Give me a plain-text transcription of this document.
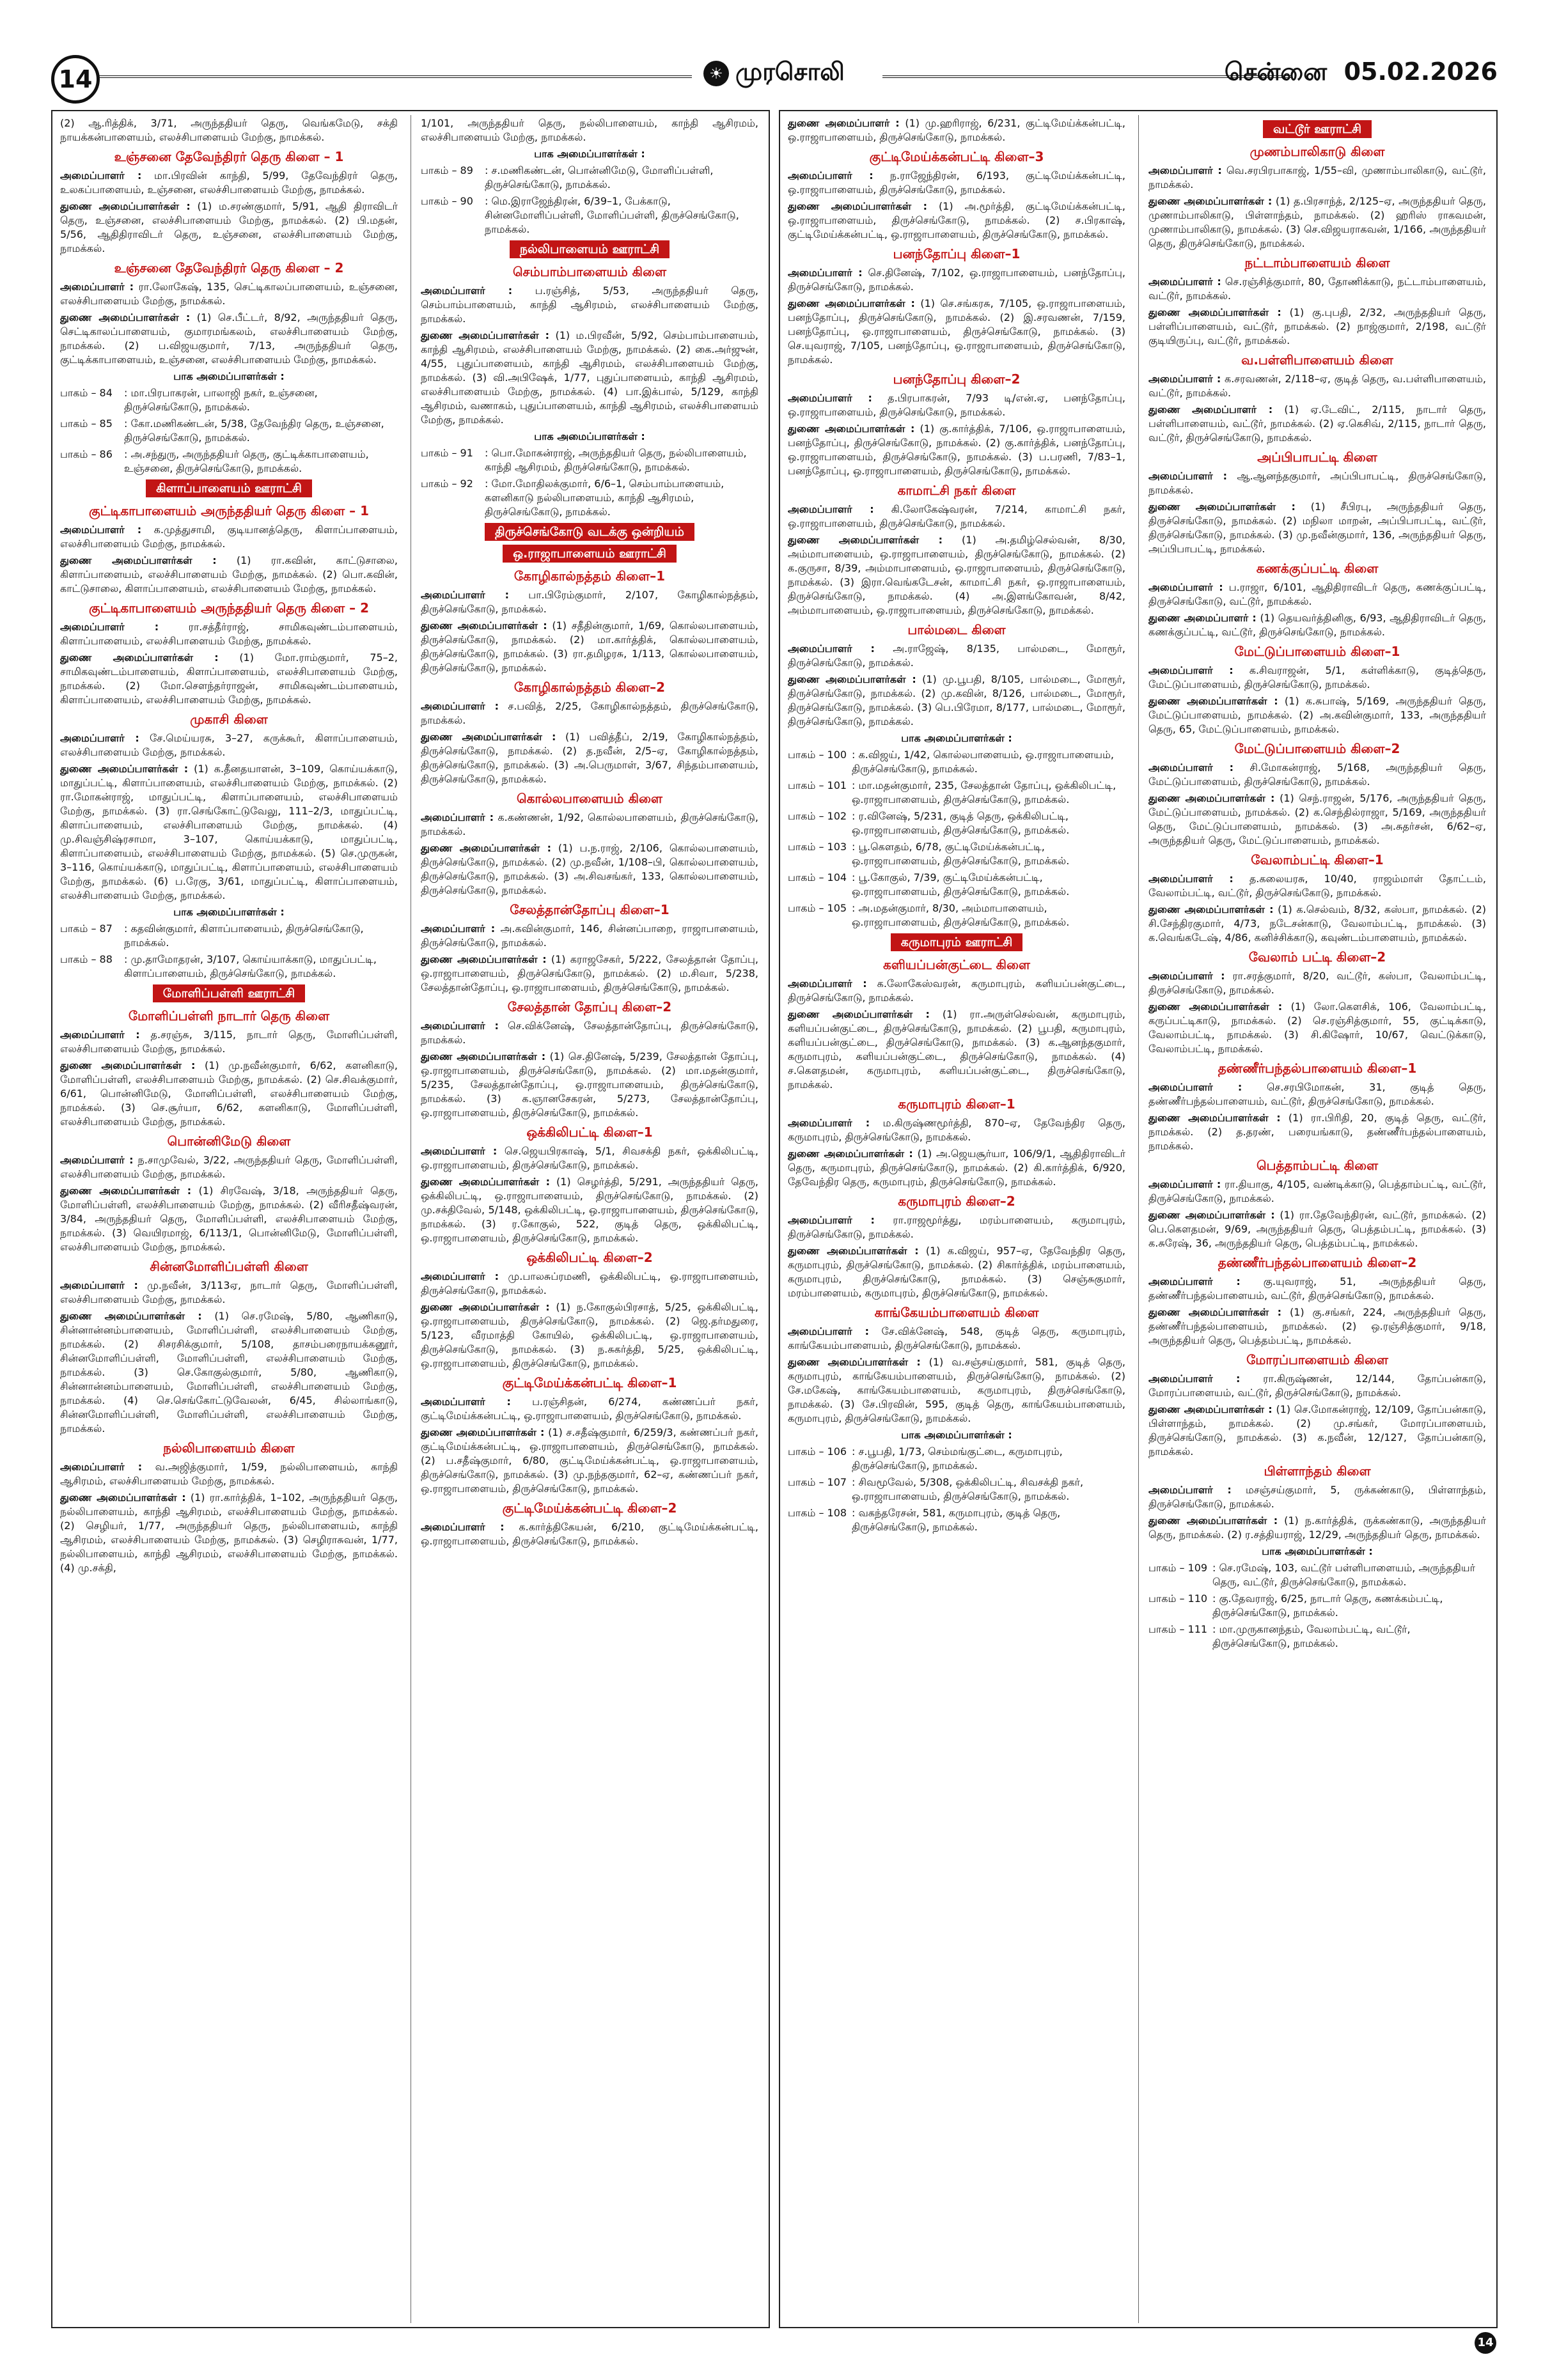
14	☀ முரசொலி	சென்னை 05.02.2026
(2) ஆ.ரித்திக், 3/71, அருந்ததியர் தெரு, வெங்கமேடு, சக்தி நாயக்கன்பாளையம், எலச்சிபாளையம் மேற்கு, நாமக்கல்.
உஞ்சனை தேவேந்திரர் தெரு கிளை – 1
அமைப்பாளர் : மா.பிரவின் காந்தி, 5/99, தேவேந்திரர் தெரு, உலகப்பாளையம், உஞ்சனை, எலச்சிபாளையம் மேற்கு, நாமக்கல்.
துணை அமைப்பாளர்கள் : (1) ம.சரண்குமார், 5/91, ஆதி திராவிடர் தெரு, உஞ்சனை, எலச்சிபாளையம் மேற்கு, நாமக்கல். (2) பி.மதன், 5/56, ஆதிதிராவிடர் தெரு, உஞ்சனை, எலச்சிபாளையம் மேற்கு, நாமக்கல்.
உஞ்சனை தேவேந்திரர் தெரு கிளை – 2
அமைப்பாளர் : ரா.லோகேஷ், 135, செட்டிகாலப்பாளையம், உஞ்சனை, எலச்சிபாளையம் மேற்கு, நாமக்கல்.
துணை அமைப்பாளர்கள் : (1) செ.பீட்டர், 8/92, அருந்ததியர் தெரு, செட்டிகாலப்பாளையம், குமாரமங்கலம், எலச்சிபாளையம் மேற்கு, நாமக்கல். (2) ப.விஜயகுமார், 7/13, அருந்ததியர் தெரு, குட்டிக்காபாளையம், உஞ்சனை, எலச்சிபாளையம் மேற்கு, நாமக்கல்.
பாக அமைப்பாளர்கள் :
பாகம் – 84	: மா.பிரபாகரன், பாலாஜி நகர், உஞ்சனை, திருச்செங்கோடு, நாமக்கல்.
பாகம் – 85	: கோ.மணிகண்டன், 5/38, தேவேந்திர தெரு, உஞ்சனை, திருச்செங்கோடு, நாமக்கல்.
பாகம் – 86	: அ.சந்துரு, அருந்ததியர் தெரு, குட்டிக்காபாளையம், உஞ்சனை, திருச்செங்கோடு, நாமக்கல்.
கிளாப்பாளையம் ஊராட்சி
குட்டிகாபாளையம் அருந்ததியர் தெரு கிளை – 1
அமைப்பாளர் : க.முத்துசாமி, குடியானத்தெரு, கிளாப்பாளையம், எலச்சிபாளையம் மேற்கு, நாமக்கல்.
துணை அமைப்பாளர்கள் : (1) ரா.கவின், காட்டுசாலை, கிளாப்பாளையம், எலச்சிபாளையம் மேற்கு, நாமக்கல். (2) பொ.கவின், காட்டுசாலை, கிளாப்பாளையம், எலச்சிபாளையம் மேற்கு, நாமக்கல்.
குட்டிகாபாளையம் அருந்ததியர் தெரு கிளை – 2
அமைப்பாளர் :	ரா.சத்தீர்ராஜ், சாமிகவுண்டம்பாளையம், கிளாப்பாளையம், எலச்சிபாளையம் மேற்கு, நாமக்கல்.
துணை அமைப்பாளர்கள் : (1) மோ.ராம்குமார், 75–2, சாமிகவுண்டம்பாளையம், கிளாப்பாளையம், எலச்சிபாளையம் மேற்கு, நாமக்கல். (2) மோ.செளந்தர்ராஜன், சாமிகவுண்டம்பாளையம், கிளாப்பாளையம், எலச்சிபாளையம் மேற்கு, நாமக்கல்.
முகாசி கிளை
அமைப்பாளர் : சே.மெய்யரசு, 3–27, கருக்கூர், கிளாப்பாளையம், எலச்சிபாளையம் மேற்கு, நாமக்கல்.
துணை அமைப்பாளர்கள் : (1) க.தீனதயாளன், 3–109, கொய்யக்காடு, மாதுப்பட்டி, கிளாப்பாளையம், எலச்சிபாளையம் மேற்கு, நாமக்கல். (2) ரா.மோகன்ராஜ், மாதுப்பட்டி, கிளாப்பாளையம், எலச்சிபாளையம் மேற்கு, நாமக்கல். (3) ரா.செங்கோட்டுவேலு, 111–2/3, மாதுப்பட்டி, கிளாப்பாளையம், எலச்சிபாளையம் மேற்கு, நாமக்கல். (4) மு.சிவஞ்சிஷ்ரசாமா, 3–107, கொய்யக்காடு, மாதுப்பட்டி, கிளாப்பாளையம், எலச்சிபாளையம் மேற்கு, நாமக்கல். (5) செ.முருகன், 3–116, கொய்யக்காடு, மாதுப்பட்டி, கிளாப்பாளையம், எலச்சிபாளையம் மேற்கு, நாமக்கல். (6) ப.ரேகு, 3/61, மாதுப்பட்டி, கிளாப்பாளையம், எலச்சிபாளையம் மேற்கு, நாமக்கல்.
பாக அமைப்பாளர்கள் :
பாகம் – 87	: கதவின்குமார், கிளாப்பாளையம், திருச்செங்கோடு, நாமக்கல்.
பாகம் – 88	: மு.தாமோதரன், 3/107, கொய்யாக்காடு, மாதுப்பட்டி, கிளாப்பாளையம், திருச்செங்கோடு, நாமக்கல்.
மோளிப்பள்ளி ஊராட்சி
மோளிப்பள்ளி நாடார் தெரு கிளை
அமைப்பாளர் : த.சரஞ்சு, 3/115, நாடார் தெரு, மோளிப்பள்ளி, எலச்சிபாளையம் மேற்கு, நாமக்கல்.
துணை அமைப்பாளர்கள் : (1) மு.நவீன்குமார், 6/62, களனிகாடு, மோளிப்பள்ளி, எலச்சிபாளையம் மேற்கு, நாமக்கல். (2) செ.சிவக்குமார், 6/61, பொன்னிமேடு, மோளிப்பள்ளி, எலச்சிபாளையம் மேற்கு, நாமக்கல். (3) செ.சூர்யா, 6/62, களனிகாடு, மோளிப்பள்ளி, எலச்சிபாளையம் மேற்கு, நாமக்கல்.
பொன்னிமேடு கிளை
அமைப்பாளர் : ந.சாமுவேல், 3/22, அருந்ததியர் தெரு, மோளிப்பள்ளி, எலச்சிபாளையம் மேற்கு, நாமக்கல்.
துணை அமைப்பாளர்கள் : (1) சிரவேஷ், 3/18, அருந்ததியர் தெரு, மோளிப்பள்ளி, எலச்சிபாளையம் மேற்கு, நாமக்கல். (2) வீரிசதீஷ்வரன், 3/84, அருந்ததியர் தெரு, மோளிப்பள்ளி, எலச்சிபாளையம் மேற்கு, நாமக்கல். (3) வெயிரமாஜ், 6/113/1, பொன்னிமேடு, மோளிப்பள்ளி, எலச்சிபாளையம் மேற்கு, நாமக்கல்.
சின்னமோளிப்பள்ளி கிளை
அமைப்பாளர் : மு.நவீன், 3/113ஏ, நாடார் தெரு, மோளிப்பள்ளி, எலச்சிபாளையம் மேற்கு, நாமக்கல்.
துணை அமைப்பாளர்கள் : (1) செ.ரமேஷ், 5/80, ஆணிகாடு, சின்னான்னம்பாளையம், மோளிப்பள்ளி, எலச்சிபாளையம் மேற்கு, நாமக்கல். (2) சிசரசிக்குமார், 5/108, தாசம்பரைநாயக்கனூர், சின்னமோளிப்பள்ளி, மோளிப்பள்ளி, எலச்சிபாளையம் மேற்கு, நாமக்கல். (3) செ.கோகுல்குமார், 5/80, ஆணிகாடு, சின்னான்னம்பாளையம், மோளிப்பள்ளி, எலச்சிபாளையம் மேற்கு, நாமக்கல். (4) செ.செங்கோட்டுவேலன், 6/45, சில்லாங்காடு, சின்னமோளிப்பள்ளி, மோளிப்பள்ளி, எலச்சிபாளையம் மேற்கு, நாமக்கல்.
நல்லிபாளையம் கிளை
அமைப்பாளர் : வ.அஜித்குமார், 1/59, நல்லிபாளையம், காந்தி ஆசிரமம், எலச்சிபாளையம் மேற்கு, நாமக்கல்.
துணை அமைப்பாளர்கள் : (1) ரா.கார்த்திக், 1–102, அருந்ததியர் தெரு, நல்லிபாளையம், காந்தி ஆசிரமம், எலச்சிபாளையம் மேற்கு, நாமக்கல். (2) செழியர், 1/77, அருந்ததியர் தெரு, நல்லிபாளையம், காந்தி ஆசிரமம், எலச்சிபாளையம் மேற்கு, நாமக்கல். (3) செழிராசுவன், 1/77, நல்லிபாளையம், காந்தி ஆசிரமம், எலச்சிபாளையம் மேற்கு, நாமக்கல். (4) மு.சக்தி,
1/101, அருந்ததியர் தெரு, நல்லிபாளையம், காந்தி ஆசிரமம், எலச்சிபாளையம் மேற்கு, நாமக்கல்.
பாக அமைப்பாளர்கள் :
பாகம் – 89	: ச.மணிகண்டன், பொன்னிமேடு, மோளிப்பள்ளி, திருச்செங்கோடு, நாமக்கல்.
பாகம் – 90	: மெ.இராஜேந்திரன், 6/39–1, பேக்காடு, சின்னமோளிப்பள்ளி, மோளிப்பள்ளி, திருச்செங்கோடு, நாமக்கல்.
நல்லிபாளையம் ஊராட்சி
செம்பாம்பாளையம் கிளை
அமைப்பாளர் : ப.ரஞ்சித், 5/53, அருந்ததியர் தெரு, செம்பாம்பாளையம், காந்தி ஆசிரமம், எலச்சிபாளையம் மேற்கு, நாமக்கல்.
துணை அமைப்பாளர்கள் : (1) ம.பிரவீன், 5/92, செம்பாம்பாளையம், காந்தி ஆசிரமம், எலச்சிபாளையம் மேற்கு, நாமக்கல். (2) கை.அர்ஜுன், 4/55, புதுப்பாளையம், காந்தி ஆசிரமம், எலச்சிபாளையம் மேற்கு, நாமக்கல். (3) வி.அபிஷேக், 1/77, புதுப்பாளையம், காந்தி ஆசிரமம், எலச்சிபாளையம் மேற்கு, நாமக்கல். (4) பா.இக்பால், 5/129, காந்தி ஆசிரமம், வணாகம், புதுப்பாளையம், காந்தி ஆசிரமம், எலச்சிபாளையம் மேற்கு, நாமக்கல்.
பாக அமைப்பாளர்கள் :
பாகம் – 91	: பொ.மோகன்ராஜ், அருந்ததியர் தெரு, நல்லிபாளையம், காந்தி ஆசிரமம், திருச்செங்கோடு, நாமக்கல்.
பாகம் – 92	: மோ.மோதிலக்குமார், 6/6–1, செம்பாம்பாளையம், களனிகாடு நல்லிபாளையம், காந்தி ஆசிரமம், திருச்செங்கோடு, நாமக்கல்.
திருச்செங்கோடு வடக்கு ஒன்றியம்
ஒ.ராஜாபாளையம் ஊராட்சி
கோழிகால்நத்தம் கிளை–1
அமைப்பாளர் : பா.பிரேம்குமார், 2/107, கோழிகால்நத்தம், திருச்செங்கோடு, நாமக்கல்.
துணை அமைப்பாளர்கள் : (1) சதீதின்குமார், 1/69, கொல்லபாளையம், திருச்செங்கோடு, நாமக்கல். (2) மா.கார்த்திக், கொல்லபாளையம், திருச்செங்கோடு, நாமக்கல். (3) ரா.தமிழரசு, 1/113, கொல்லபாளையம், திருச்செங்கோடு, நாமக்கல்.
கோழிகால்நத்தம் கிளை–2
அமைப்பாளர் : ச.பவித், 2/25, கோழிகால்நத்தம், திருச்செங்கோடு, நாமக்கல்.
துணை அமைப்பாளர்கள் : (1) பவித்தீப், 2/19, கோழிகால்நத்தம், திருச்செங்கோடு, நாமக்கல். (2) த.நவீன், 2/5–ஏ, கோழிகால்நத்தம், திருச்செங்கோடு, நாமக்கல். (3) அ.பெருமாள், 3/67, சிந்தம்பாளையம், திருச்செங்கோடு, நாமக்கல்.
கொல்லபாளையம் கிளை
அமைப்பாளர் : க.கண்ணன், 1/92, கொல்லபாளையம், திருச்செங்கோடு, நாமக்கல்.
துணை அமைப்பாளர்கள் : (1) ப.ந.ராஜ், 2/106, கொல்லபாளையம், திருச்செங்கோடு, நாமக்கல். (2) மு.நவீன், 1/108–பி, கொல்லபாளையம், திருச்செங்கோடு, நாமக்கல். (3) அ.சிவசங்கர், 133, கொல்லபாளையம், திருச்செங்கோடு, நாமக்கல்.
சேலத்தான்தோப்பு கிளை–1
அமைப்பாளர் : அ.கவின்குமார், 146, சின்னப்பாறை, ராஜாபாளையம், திருச்செங்கோடு, நாமக்கல்.
துணை அமைப்பாளர்கள் : (1) கராஜசேகர், 5/222, சேலத்தான் தோப்பு, ஒ.ராஜாபாளையம், திருச்செங்கோடு, நாமக்கல். (2) ம.சிவா, 5/238, சேலத்தான்தோப்பு, ஒ.ராஜாபாளையம், திருச்செங்கோடு, நாமக்கல்.
சேலத்தான் தோப்பு கிளை–2
அமைப்பாளர் : செ.விக்னேஷ், சேலத்தான்தோப்பு, திருச்செங்கோடு, நாமக்கல்.
துணை அமைப்பாளர்கள் : (1) செ.தினேஷ், 5/239, சேலத்தான் தோப்பு, ஒ.ராஜாபாளையம், திருச்செங்கோடு, நாமக்கல். (2) மா.மதன்குமார், 5/235, சேலத்தான்தோப்பு, ஒ.ராஜாபாளையம், திருச்செங்கோடு, நாமக்கல். (3) க.ஞானசேகரன், 5/273, சேலத்தான்தோப்பு, ஒ.ராஜாபாளையம், திருச்செங்கோடு, நாமக்கல்.
ஒக்கிலிபட்டி கிளை–1
அமைப்பாளர் : செ.ஜெயபிரகாஷ், 5/1, சிவசக்தி நகர், ஒக்கிலிபட்டி, ஒ.ராஜாபாளையம், திருச்செங்கோடு, நாமக்கல்.
துணை அமைப்பாளர்கள் : (1) செழர்த்தி, 5/291, அருந்ததியர் தெரு, ஒக்கிலிபட்டி, ஒ.ராஜாபாளையம், திருச்செங்கோடு, நாமக்கல். (2) மு.சக்திவேல், 5/148, ஒக்கிலிபட்டி, ஒ.ராஜாபாளையம், திருச்செங்கோடு, நாமக்கல். (3) ர.கோகுல், 522, குடித் தெரு, ஒக்கிலிபட்டி, ஒ.ராஜாபாளையம், திருச்செங்கோடு, நாமக்கல்.
ஒக்கிலிபட்டி கிளை–2
அமைப்பாளர் : மு.பாலசுப்ரமணி, ஒக்கிலிபட்டி, ஒ.ராஜாபாளையம், திருச்செங்கோடு, நாமக்கல்.
துணை அமைப்பாளர்கள் : (1) ந.கோகுல்பிரசாத், 5/25, ஒக்கிலிபட்டி, ஒ.ராஜாபாளையம், திருச்செங்கோடு, நாமக்கல். (2) ஜெ.தர்மதுரை, 5/123, வீரமாத்தி கோயில், ஒக்கிலிபட்டி, ஒ.ராஜாபாளையம், திருச்செங்கோடு, நாமக்கல். (3) ந.சுகர்த்தி, 5/25, ஒக்கிலிபட்டி, ஒ.ராஜாபாளையம், திருச்செங்கோடு, நாமக்கல்.
குட்டிமேய்க்கன்பட்டி கிளை–1
அமைப்பாளர் : ப.ரஞ்சிதன், 6/274, கண்ணப்பர் நகர், குட்டிமேய்க்கன்பட்டி, ஒ.ராஜாபாளையம், திருச்செங்கோடு, நாமக்கல்.
துணை அமைப்பாளர்கள் : (1) ச.சதீஷ்குமார், 6/259/3, கண்ணப்பர் நகர், குட்டிமேய்க்கன்பட்டி, ஒ.ராஜாபாளையம், திருச்செங்கோடு, நாமக்கல். (2) ப.சதீஷ்குமார், 6/80, குட்டிமேய்க்கன்பட்டி, ஒ.ராஜாபாளையம், திருச்செங்கோடு, நாமக்கல். (3) மு.நந்தகுமார், 62–ஏ, கண்ணப்பர் நகர், ஒ.ராஜாபாளையம், திருச்செங்கோடு, நாமக்கல்.
குட்டிமேய்க்கன்பட்டி கிளை–2
அமைப்பாளர் : க.கார்த்திகேயன், 6/210, குட்டிமேய்க்கன்பட்டி, ஒ.ராஜாபாளையம், திருச்செங்கோடு, நாமக்கல்.
துணை அமைப்பாளர் : (1) மு.ஹரிராஜ், 6/231, குட்டிமேய்க்கன்பட்டி, ஒ.ராஜாபாளையம், திருச்செங்கோடு, நாமக்கல்.
குட்டிமேய்க்கன்பட்டி கிளை–3
அமைப்பாளர் : ந.ராஜேந்திரன், 6/193, குட்டிமேய்க்கன்பட்டி, ஒ.ராஜாபாளையம், திருச்செங்கோடு, நாமக்கல்.
துணை அமைப்பாளர்கள் : (1) அ.மூர்த்தி, குட்டிமேய்க்கன்பட்டி, ஒ.ராஜாபாளையம், திருச்செங்கோடு, நாமக்கல். (2) ச.பிரகாஷ், குட்டிமேய்க்கன்பட்டி, ஒ.ராஜாபாளையம், திருச்செங்கோடு, நாமக்கல்.
பனந்தோப்பு கிளை–1
அமைப்பாளர் : செ.தினேஷ், 7/102, ஒ.ராஜாபாளையம், பனந்தோப்பு, திருச்செங்கோடு, நாமக்கல்.
துணை அமைப்பாளர்கள் : (1) செ.சங்கரசு, 7/105, ஒ.ராஜாபாளையம், பனந்தோப்பு, திருச்செங்கோடு, நாமக்கல். (2) இ.சரவணன், 7/159, பனந்தோப்பு, ஒ.ராஜாபாளையம், திருச்செங்கோடு, நாமக்கல். (3) செ.யுவராஜ், 7/105, பனந்தோப்பு, ஒ.ராஜாபாளையம், திருச்செங்கோடு, நாமக்கல்.
பனந்தோப்பு கிளை–2
அமைப்பாளர் : த.பிரபாகரன், 7/93 டி/என்.ஏ, பனந்தோப்பு, ஒ.ராஜாபாளையம், திருச்செங்கோடு, நாமக்கல்.
துணை அமைப்பாளர்கள் : (1) கு.கார்த்திக், 7/106, ஒ.ராஜாபாளையம், பனந்தோப்பு, திருச்செங்கோடு, நாமக்கல். (2) கு.கார்த்திக், பனந்தோப்பு, ஒ.ராஜாபாளையம், திருச்செங்கோடு, நாமக்கல். (3) ப.பரணி, 7/83–1, பனந்தோப்பு, ஒ.ராஜாபாளையம், திருச்செங்கோடு, நாமக்கல்.
காமாட்சி நகர் கிளை
அமைப்பாளர் : கி.லோகேஷ்வரன், 7/214, காமாட்சி நகர், ஒ.ராஜாபாளையம், திருச்செங்கோடு, நாமக்கல்.
துணை அமைப்பாளர்கள் : (1) அ.தமிழ்செல்வன், 8/30, அம்மாபாளையம், ஒ.ராஜாபாளையம், திருச்செங்கோடு, நாமக்கல். (2) க.குருசா, 8/39, அம்மாபாளையம், ஒ.ராஜாபாளையம், திருச்செங்கோடு, நாமக்கல். (3) இரா.வெங்கடேசன், காமாட்சி நகர், ஒ.ராஜாபாளையம், திருச்செங்கோடு, நாமக்கல். (4) அ.இளங்கோவன், 8/42, அம்மாபாளையம், ஒ.ராஜாபாளையம், திருச்செங்கோடு, நாமக்கல்.
பால்மடை கிளை
அமைப்பாளர் : அ.ராஜேஷ், 8/135, பால்மடை, மோரூர், திருச்செங்கோடு, நாமக்கல்.
துணை அமைப்பாளர்கள் : (1) மு.பூபதி, 8/105, பால்மடை, மோரூர், திருச்செங்கோடு, நாமக்கல். (2) மு.கவின், 8/126, பால்மடை, மோரூர், திருச்செங்கோடு, நாமக்கல். (3) பெ.பிரேமா, 8/177, பால்மடை, மோரூர், திருச்செங்கோடு, நாமக்கல்.
பாக அமைப்பாளர்கள் :
பாகம் – 100 : க.விஜய், 1/42, கொல்லபாளையம், ஒ.ராஜாபாளையம், திருச்செங்கோடு, நாமக்கல்.
பாகம் – 101 : மா.மதன்குமார், 235, சேலத்தான் தோப்பு, ஒக்கிலிபட்டி, ஒ.ராஜாபாளையம், திருச்செங்கோடு, நாமக்கல்.
பாகம் – 102 : ர.வினேஷ், 5/231, குடித் தெரு, ஒக்கிலிபட்டி, ஒ.ராஜாபாளையம், திருச்செங்கோடு, நாமக்கல்.
பாகம் – 103 : பூ.கௌதம், 6/78, குட்டிமேய்க்கன்பட்டி, ஒ.ராஜாபாளையம், திருச்செங்கோடு, நாமக்கல்.
பாகம் – 104 : பூ.கோகுல், 7/39, குட்டிமேய்க்கன்பட்டி, ஒ.ராஜாபாளையம், திருச்செங்கோடு, நாமக்கல்.
பாகம் – 105 : அ.மதன்குமார், 8/30, அம்மாபாளையம், ஒ.ராஜாபாளையம், திருச்செங்கோடு, நாமக்கல்.
கருமாபுரம் ஊராட்சி
களியப்பன்குட்டை கிளை
அமைப்பாளர் : க.லோகேஸ்வரன், கருமாபுரம், களியப்பன்குட்டை, திருச்செங்கோடு, நாமக்கல்.
துணை அமைப்பாளர்கள் : (1) ரா.அருள்செல்வன், கருமாபுரம், களியப்பன்குட்டை, திருச்செங்கோடு, நாமக்கல். (2) பூபதி, கருமாபுரம், களியப்பன்குட்டை, திருச்செங்கோடு, நாமக்கல். (3) க.ஆனந்தகுமார், கருமாபுரம், களியப்பன்குட்டை, திருச்செங்கோடு, நாமக்கல். (4) ச.கௌதமன், கருமாபுரம், களியப்பன்குட்டை, திருச்செங்கோடு, நாமக்கல்.
கருமாபுரம் கிளை–1
அமைப்பாளர் : ம.கிருஷ்ணமூர்த்தி, 870–ஏ, தேவேந்திர தெரு, கருமாபுரம், திருச்செங்கோடு, நாமக்கல்.
துணை அமைப்பாளர்கள் : (1) அ.ஜெயசூர்யா, 106/9/1, ஆதிதிராவிடர் தெரு, கருமாபுரம், திருச்செங்கோடு, நாமக்கல். (2) கி.கார்த்திக், 6/920, தேவேந்திர தெரு, கருமாபுரம், திருச்செங்கோடு, நாமக்கல்.
கருமாபுரம் கிளை–2
அமைப்பாளர் : ரா.ராஜமூர்த்து, மரம்பாளையம், கருமாபுரம், திருச்செங்கோடு, நாமக்கல்.
துணை அமைப்பாளர்கள் : (1) க.விஜய், 957–ஏ, தேவேந்திர தெரு, கருமாபுரம், திருச்செங்கோடு, நாமக்கல். (2) சிகார்த்திக், மரம்பாளையம், கருமாபுரம், திருச்செங்கோடு, நாமக்கல். (3) செஞ்சுகுமார், மரம்பாளையம், கருமாபுரம், திருச்செங்கோடு, நாமக்கல்.
காங்கேயம்பாளையம் கிளை
அமைப்பாளர் : சே.விக்னேஷ், 548, குடித் தெரு, கருமாபுரம், காங்கேயம்பாளையம், திருச்செங்கோடு, நாமக்கல்.
துணை அமைப்பாளர்கள் : (1) வ.சஞ்சய்குமார், 581, குடித் தெரு, கருமாபுரம், காங்கேயம்பாளையம், திருச்செங்கோடு, நாமக்கல். (2) சே.மகேஷ், காங்கேயம்பாளையம், கருமாபுரம், திருச்செங்கோடு, நாமக்கல். (3) சே.பிரவின், 595, குடித் தெரு, காங்கேயம்பாளையம், கருமாபுரம், திருச்செங்கோடு, நாமக்கல்.
பாக அமைப்பாளர்கள் :
பாகம் – 106 : ச.பூபதி, 1/73, செம்மங்குட்டை, கருமாபுரம், திருச்செங்கோடு, நாமக்கல்.
பாகம் – 107 : சிவமூவேல், 5/308, ஒக்கிலிபட்டி, சிவசக்தி நகர், ஒ.ராஜாபாளையம், திருச்செங்கோடு, நாமக்கல்.
பாகம் – 108 : வகந்தரேசன், 581, கருமாபுரம், குடித் தெரு, திருச்செங்கோடு, நாமக்கல்.
வட்டூர் ஊராட்சி
முணம்பாலிகாடு கிளை
அமைப்பாளர் : வெ.சரபிரபாகாஜ், 1/55–வி, முணாம்பாலிகாடு, வட்டூர், நாமக்கல்.
துணை அமைப்பாளர்கள் : (1) த.பிரசாந்த், 2/125–ஏ, அருந்ததியர் தெரு, முணாம்பாலிகாடு, பிள்ளாந்தம், நாமக்கல். (2) ஹரிஸ் ராகவமன், முணாம்பாலிகாடு, நாமக்கல். (3) செ.விஜயராகவன், 1/166, அருந்ததியர் தெரு, திருச்செங்கோடு, நாமக்கல்.
நட்டாம்பாளையம் கிளை
அமைப்பாளர் : செ.ரஞ்சித்குமார், 80, தோணிக்காடு, நட்டாம்பாளையம், வட்டூர், நாமக்கல்.
துணை அமைப்பாளர்கள் : (1) கு.புபதி, 2/32, அருந்ததியர் தெரு, பள்ளிப்பாளையம், வட்டூர், நாமக்கல். (2) நாஜ்குமார், 2/198, வட்டூர் குடியிருப்பு, வட்டூர், நாமக்கல்.
வ.பள்ளிபாளையம் கிளை
அமைப்பாளர் : க.சரவணன், 2/118–ஏ, குடித் தெரு, வ.பள்ளிபாளையம், வட்டூர், நாமக்கல்.
துணை அமைப்பாளர் : (1) ஏ.டேவிட், 2/115, நாடார் தெரு, பள்ளிபாளையம், வட்டூர், நாமக்கல். (2) ஏ.கெசிவ், 2/115, நாடார் தெரு, வட்டூர், திருச்செங்கோடு, நாமக்கல்.
அப்பிபாபட்டி கிளை
அமைப்பாளர் : ஆ.ஆனந்தகுமார், அப்பிபாபட்டி, திருச்செங்கோடு, நாமக்கல்.
துணை அமைப்பாளர்கள் : (1) சீபிரபு, அருந்ததியர் தெரு, திருச்செங்கோடு, நாமக்கல். (2) மநிலா மாறன், அப்பிபாபட்டி, வட்டூர், திருச்செங்கோடு, நாமக்கல். (3) மு.நவீன்குமார், 136, அருந்ததியர் தெரு, அப்பிபாபட்டி, நாமக்கல்.
கணக்குப்பட்டி கிளை
அமைப்பாளர் : ப.ராஜா, 6/101, ஆதிதிராவிடர் தெரு, கணக்குப்பட்டி, திருச்செங்கோடு, வட்டூர், நாமக்கல்.
துணை அமைப்பாளர் : (1) தெயவர்த்தினிகு, 6/93, ஆதிதிராவிடர் தெரு, கணக்குப்பட்டி, வட்டூர், திருச்செங்கோடு, நாமக்கல்.
மேட்டுப்பாளையம் கிளை–1
அமைப்பாளர் : க.சிவராஜன், 5/1, கள்ளிக்காடு, குடித்தெரு, மேட்டுப்பாளையம், திருச்செங்கோடு, நாமக்கல்.
துணை அமைப்பாளர்கள் : (1) க.சுபாஷ், 5/169, அருந்ததியர் தெரு, மேட்டுப்பாளையம், நாமக்கல். (2) அ.கவின்குமார், 133, அருந்ததியர் தெரு, 65, மேட்டுப்பாளையம், நாமக்கல்.
மேட்டுப்பாளையம் கிளை–2
அமைப்பாளர் : சி.மோகன்ராஜ், 5/168, அருந்ததியர் தெரு, மேட்டுப்பாளையம், திருச்செங்கோடு, நாமக்கல்.
துணை அமைப்பாளர்கள் : (1) செந்.ராஜன், 5/176, அருந்ததியர் தெரு, மேட்டுப்பாளையம், நாமக்கல். (2) க.செந்தில்ராஜா, 5/169, அருந்ததியர் தெரு, மேட்டுப்பாளையம், நாமக்கல். (3) அ.சுதர்சன், 6/62–ஏ, அருந்ததியர் தெரு, மேட்டுப்பாளையம், நாமக்கல்.
வேலாம்பட்டி கிளை–1
அமைப்பாளர் : த.கலையரசு, 10/40, ராஜம்மாள் தோட்டம், வேலாம்பட்டி, வட்டூர், திருச்செங்கோடு, நாமக்கல்.
துணை அமைப்பாளர்கள் : (1) க.செல்வம், 8/32, கஸ்பா, நாமக்கல். (2) சி.சேந்திரகுமார், 4/73, நடேசன்காடு, வேலாம்பட்டி, நாமக்கல். (3) க.வெங்கடேஷ், 4/86, கனிச்சிக்காடு, கவுண்டம்பாளையம், நாமக்கல்.
வேலாம் பட்டி கிளை–2
அமைப்பாளர் : ரா.சரத்குமார், 8/20, வட்டூர், கஸ்பா, வேலாம்பட்டி, திருச்செங்கோடு, நாமக்கல்.
துணை அமைப்பாளர்கள் : (1) லோ.கௌசிக், 106, வேலாம்பட்டி, கருப்பட்டிகாடு, நாமக்கல். (2) செ.ரஞ்சித்குமார், 55, குட்டிக்காடு, வேலாம்பட்டி, நாமக்கல். (3) சி.கிஷோர், 10/67, வெட்டுக்காடு, வேலாம்பட்டி, நாமக்கல்.
தண்ணீர்பந்தல்பாளையம் கிளை–1
அமைப்பாளர் : செ.சரபிமோகன், 31, குடித் தெரு, தண்ணீர்பந்தல்பாளையம், வட்டூர், திருச்செங்கோடு, நாமக்கல்.
துணை அமைப்பாளர்கள் : (1) ரா.பிரிதி, 20, குடித் தெரு, வட்டூர், நாமக்கல். (2) த.தரண், பரையங்காடு, தண்ணீர்பந்தல்பாளையம், நாமக்கல்.
பெத்தாம்பட்டி கிளை
அமைப்பாளர் : ரா.தியாகு, 4/105, வண்டிக்காடு, பெத்தாம்பட்டி, வட்டூர், திருச்செங்கோடு, நாமக்கல்.
துணை அமைப்பாளர்கள் : (1) ரா.தேவேந்திரன், வட்டூர், நாமக்கல். (2) பெ.கௌதமன், 9/69, அருந்ததியர் தெரு, பெத்தம்பட்டி, நாமக்கல். (3) க.சுரேஷ், 36, அருந்ததியர் தெரு, பெத்தம்பட்டி, நாமக்கல்.
தண்ணீர்பந்தல்பாளையம் கிளை–2
அமைப்பாளர் : கு.யுவராஜ், 51, அருந்ததியர் தெரு, தண்ணீர்பந்தல்பாளையம், வட்டூர், திருச்செங்கோடு, நாமக்கல்.
துணை அமைப்பாளர்கள் : (1) கு.சங்கர், 224, அருந்ததியர் தெரு, தண்ணீர்பந்தல்பாளையம், நாமக்கல். (2) ஒ.ரஞ்சித்குமார், 9/18, அருந்ததியர் தெரு, பெத்தம்பட்டி, நாமக்கல்.
மோரப்பாளையம் கிளை
அமைப்பாளர் : ரா.கிருஷ்ணன், 12/144, தோப்பன்காடு, மோரப்பாளையம், வட்டூர், திருச்செங்கோடு, நாமக்கல்.
துணை அமைப்பாளர்கள் : (1) செ.மோகன்ராஜ், 12/109, தோப்பன்காடு, பிள்ளாந்தம், நாமக்கல். (2) மு.சங்கர், மோரப்பாளையம், திருச்செங்கோடு, நாமக்கல். (3) க.நவீன், 12/127, தோப்பன்காடு, நாமக்கல்.
பிள்ளாந்தம் கிளை
அமைப்பாளர் : மசஞ்சய்குமார், 5, ருக்கண்காடு, பிள்ளாந்தம், திருச்செங்கோடு, நாமக்கல்.
துணை அமைப்பாளர்கள் : (1) ந.கார்த்திக், ருக்கண்காடு, அருந்ததியர் தெரு, நாமக்கல். (2) ர.சத்தியராஜ், 12/29, அருந்ததியர் தெரு, நாமக்கல்.
பாக அமைப்பாளர்கள் :
பாகம் – 109 : செ.ரமேஷ், 103, வட்டூர் பள்ளிபாளையம், அருந்ததியர் தெரு, வட்டூர், திருச்செங்கோடு, நாமக்கல்.
பாகம் – 110 : கு.தேவராஜ், 6/25, நாடார் தெரு, கணக்கம்பட்டி, திருச்செங்கோடு, நாமக்கல்.
பாகம் – 111 : மா.முருகானந்தம், வேலாம்பட்டி, வட்டூர், திருச்செங்கோடு, நாமக்கல்.
14
